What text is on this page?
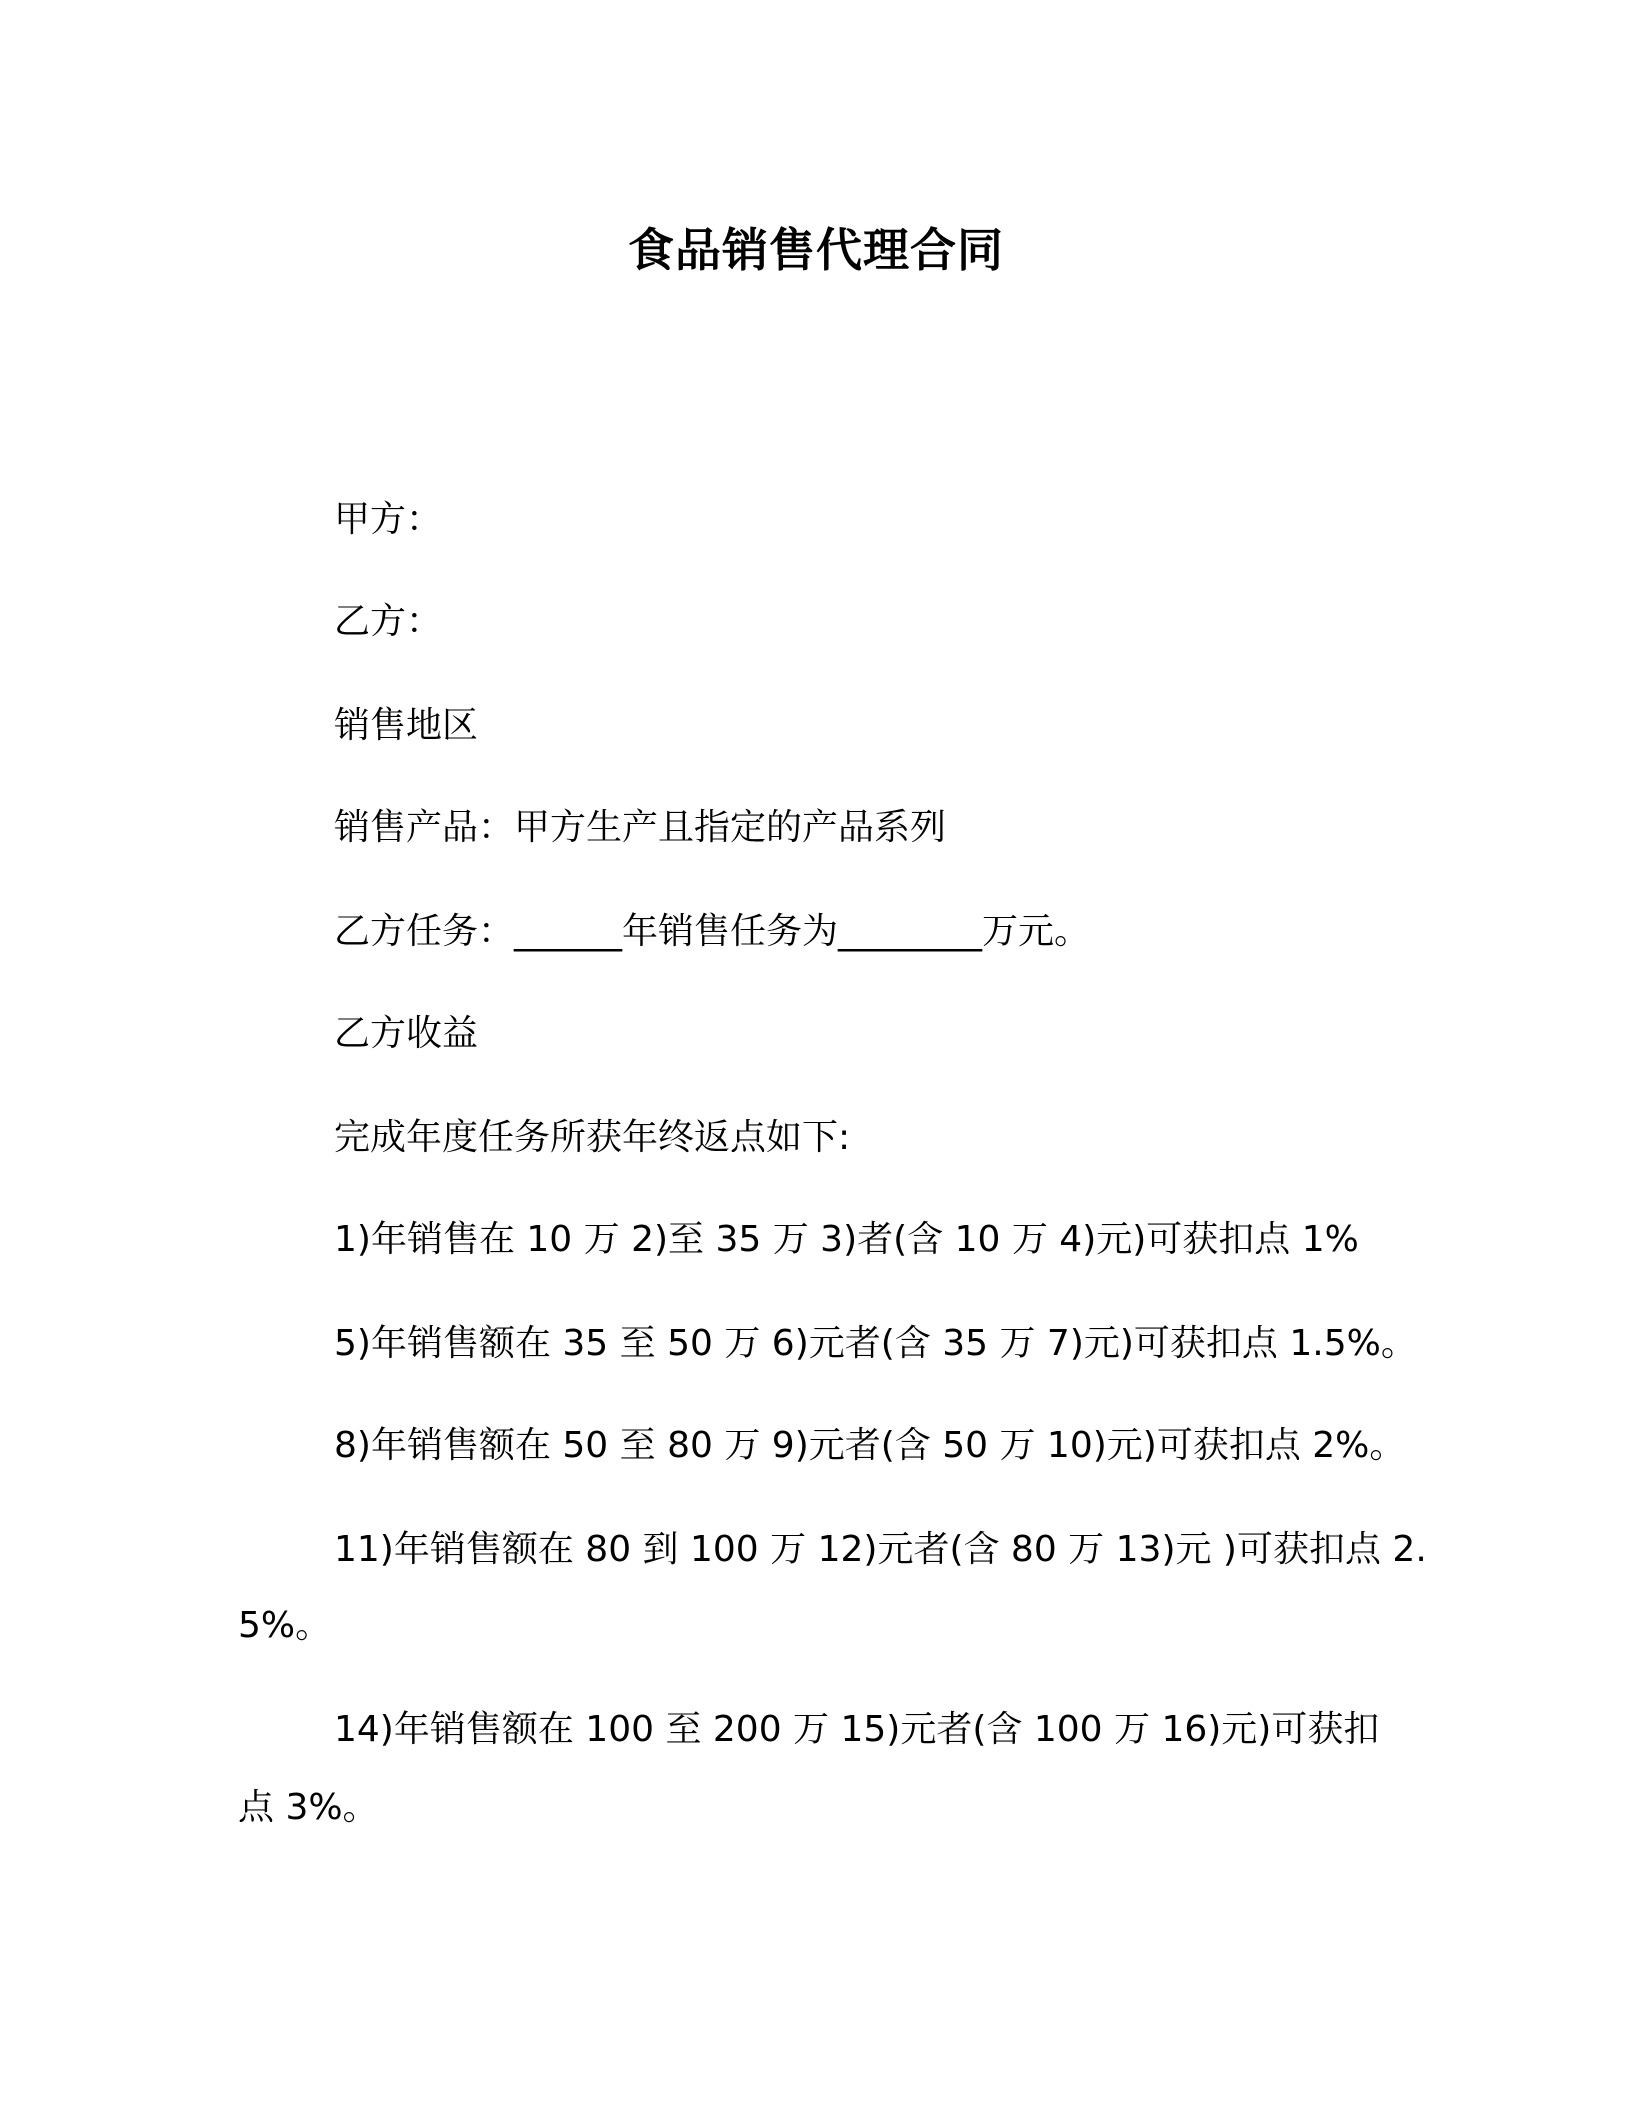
食品销售代理合同
甲方：
乙方：
销售地区
销售产品：甲方生产且指定的产品系列
乙方任务：______年销售任务为________万元。
乙方收益
完成年度任务所获年终返点如下:
1)年销售在 10 万 2)至 35 万 3)者(含 10 万 4)元)可获扣点 1%
5)年销售额在 35 至 50 万 6)元者(含 35 万 7)元)可获扣点 1.5%。
8)年销售额在 50 至 80 万 9)元者(含 50 万 10)元)可获扣点 2%。
11)年销售额在 80 到 100 万 12)元者(含 80 万 13)元 )可获扣点 2.
5%。
14)年销售额在 100 至 200 万 15)元者(含 100 万 16)元)可获扣
点 3%。
